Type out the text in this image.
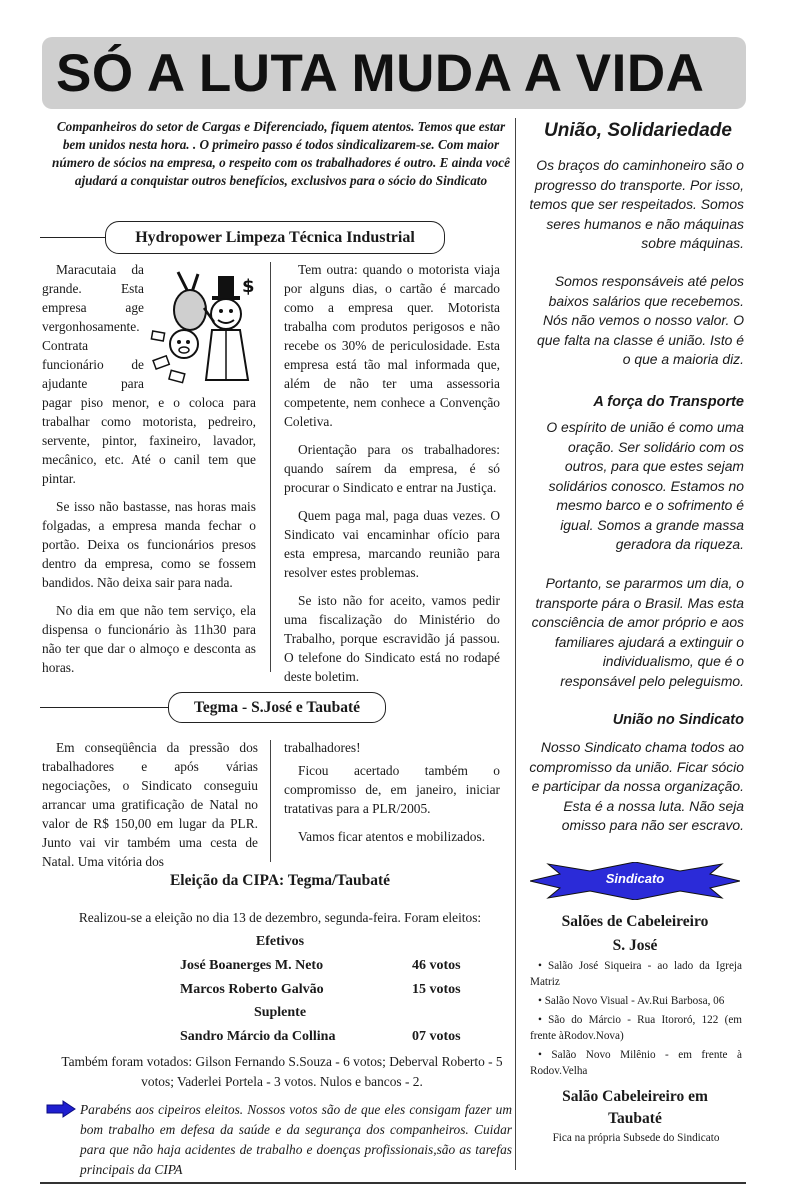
SÓ A LUTA MUDA A VIDA

Companheiros do setor de Cargas e Diferenciado, fiquem atentos. Temos que estar bem unidos nesta hora. . O primeiro passo é todos sindicalizarem-se. Com maior número de sócios na empresa, o respeito com os trabalhadores é outro. E ainda você ajudará a conquistar outros benefícios, exclusivos para o sócio do Sindicato

Hydropower Limpeza Técnica Industrial
$

Maracutaia da grande. Esta empresa age vergonhosamente. Contrata funcionário de ajudante para pagar piso menor, e o coloca para trabalhar como motorista, pedreiro, servente, pintor, faxineiro, lavador, mecânico, etc. Até o canil tem que pintar.

Se isso não bastasse, nas horas mais folgadas, a empresa manda fechar o portão. Deixa os funcionários presos dentro da empresa, como se fossem bandidos. Não deixa sair para nada.

No dia em que não tem serviço, ela dispensa o funcionário às 11h30 para não ter que dar o almoço e desconta as horas.

Tem outra: quando o motorista viaja por alguns dias, o cartão é marcado como a empresa quer. Motorista trabalha com produtos perigosos e não recebe os 30% de periculosidade. Esta empresa está tão mal informada que, além de não ter uma assessoria competente, nem conhece a Convenção Coletiva.

Orientação para os trabalhadores: quando saírem da empresa, é só procurar o Sindicato e entrar na Justiça.

Quem paga mal, paga duas vezes. O Sindicato vai encaminhar ofício para esta empresa, marcando reunião para resolver estes problemas.

Se isto não for aceito, vamos pedir uma fiscalização do Ministério do Trabalho, porque escravidão já passou. O telefone do Sindicato está no rodapé deste boletim.

Tegma - S.José e Taubaté

Em conseqüência da pressão dos trabalhadores e após várias negociações, o Sindicato conseguiu arrancar uma gratificação de Natal no valor de R$ 150,00 em lugar da PLR. Junto vai vir também uma cesta de Natal. Uma vitória dos

trabalhadores!

Ficou acertado também o compromisso de, em janeiro, iniciar tratativas para a PLR/2005.

Vamos ficar atentos e mobilizados.

Eleição da CIPA: Tegma/Taubaté
Realizou-se a eleição no dia 13 de dezembro, segunda-feira. Foram eleitos:
Efetivos
José Boanerges M. Neto	46 votos
Marcos Roberto Galvão	15 votos
Suplente
Sandro Márcio da Collina	07 votos

Também foram votados: Gilson Fernando S.Souza - 6 votos; Deberval Roberto - 5 votos; Vaderlei Portela - 3 votos. Nulos e bancos - 2.

Parabéns aos cipeiros eleitos. Nossos votos são de que eles consigam fazer um bom trabalho em defesa da saúde e da segurança dos companheiros. Cuidar para que não haja acidentes de trabalho e doenças profissionais,são as tarefas principais da CIPA

União, Solidariedade

Os braços do caminhoneiro são o progresso do transporte. Por isso, temos que ser respeitados. Somos seres humanos e não máquinas sobre máquinas.

Somos responsáveis até pelos baixos salários que recebemos. Nós não vemos o nosso valor. O que falta na classe é união. Isto é o que a maioria diz.

A força do Transporte

O espírito de união é como uma oração. Ser solidário com os outros, para que estes sejam solidários conosco. Estamos no mesmo barco e o sofrimento é igual. Somos a grande massa geradora da riqueza.

Portanto, se pararmos um dia, o transporte pára o Brasil. Mas esta consciência de amor próprio e aos familiares ajudará a extinguir o individualismo, que é o responsável pelo peleguismo.

União no Sindicato

Nosso Sindicato chama todos ao compromisso da união. Ficar sócio e participar da nossa organização. Esta é a nossa luta. Não seja omisso para não ser escravo.

Sindicato
Salões de Cabeleireiro
S. José

• Salão José Siqueira - ao lado da Igreja Matriz

• Salão Novo Visual - Av.Rui Barbosa, 06

• São do Márcio - Rua Itororó, 122 (em frente àRodov.Nova)

• Salão Novo Milênio - em frente à Rodov.Velha

Salão Cabeleireiro em
Taubaté
Fica na própria Subsede do Sindicato
